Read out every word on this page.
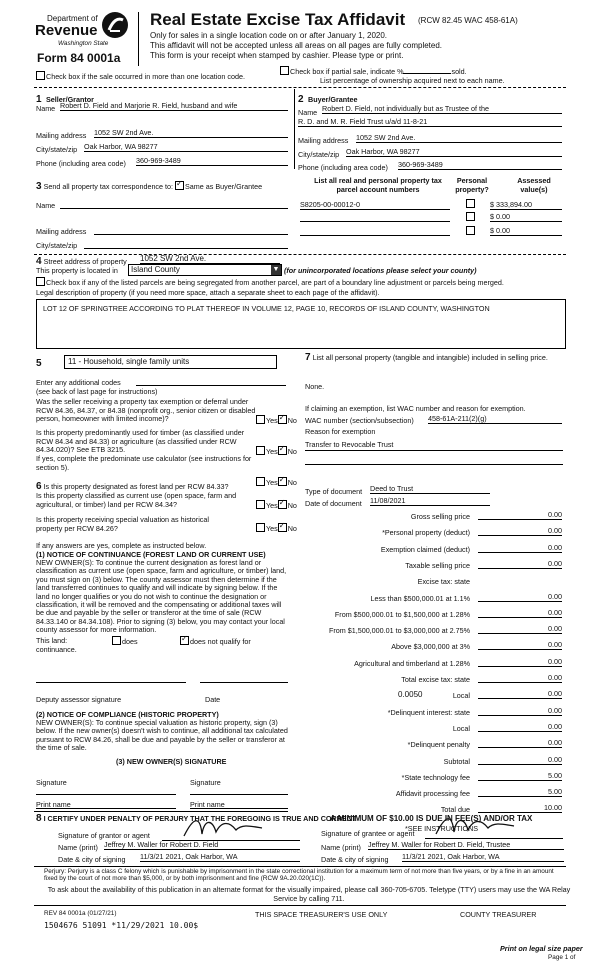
Department of
Revenue
Washington State
Form 84 0001a
Real Estate Excise Tax Affidavit (RCW 82.45 WAC 458-61A)
Only for sales in a single location code on or after January 1, 2020.
This affidavit will not be accepted unless all areas on all pages are fully completed.
This form is your receipt when stamped by cashier. Please type or print.
Check box if the sale occurred in more than one location code.
Check box if partial sale, indicate %	sold.
List percentage of ownership acquired next to each name.
1 Seller/Grantor
Name Robert D. Field and Marjorie R. Field, husband and wife
Mailing address 1052 SW 2nd Ave.
City/state/zip Oak Harbor, WA 98277
Phone (including area code) 360-969-3489
2 Buyer/Grantee
Name Robert D. Field, not individually but as Trustee of the
R. D. and M. R. Field Trust u/a/d 11-8-21
Mailing address 1052 SW 2nd Ave.
City/state/zip Oak Harbor, WA 98277
Phone (including area code) 360-969-3489
3 Send all property tax correspondence to: ✓ Same as Buyer/Grantee
Name
Mailing address
City/state/zip
List all real and personal property tax
parcel account numbers
Personal
property?
Assessed
value(s)
S8205-00-00012-0	$ 333,894.00
$ 0.00
$ 0.00
4 Street address of property 1052 SW 2nd Ave.
This property is located in	Island County	▼ (for unincorporated locations please select your county)
Check box if any of the listed parcels are being segregated from another parcel, are part of a boundary line adjustment or parcels being merged.
Legal description of property (if you need more space, attach a separate sheet to each page of the affidavit).
LOT 12 OF SPRINGTREE ACCORDING TO PLAT THEREOF IN VOLUME 12, PAGE 10, RECORDS OF ISLAND COUNTY, WASHINGTON
5	11 - Household, single family units
Enter any additional codes
(see back of last page for instructions)
Was the seller receiving a property tax exemption or deferral under RCW 84.36, 84.37, or 84.38 (nonprofit org., senior citizen or disabled person, homeowner with limited income)?	Yes ✓ No
Is this property predominantly used for timber (as classified under RCW 84.34 and 84.33) or agriculture (as classified under RCW 84.34.020)? See ETB 3215.	Yes ✓ No
If yes, complete the predominate use calculator (see instructions for section 5).
6 Is this property designated as forest land per RCW 84.33?	Yes ✓ No
Is this property classified as current use (open space, farm and agricultural, or timber) land per RCW 84.34?	Yes ✓ No
Is this property receiving special valuation as historical property per RCW 84.26?	Yes ✓ No
If any answers are yes, complete as instructed below.
(1) NOTICE OF CONTINUANCE (FOREST LAND OR CURRENT USE)
NEW OWNER(S): To continue the current designation as forest land or classification as current use (open space, farm and agriculture, or timber) land, you must sign on (3) below. The county assessor must then determine if the land transferred continues to qualify and will indicate by signing below. If the land no longer qualifies or you do not wish to continue the designation or classification, it will be removed and the compensating or additional taxes will be due and payable by the seller or transferor at the time of sale (RCW 84.33.140 or 84.34.108). Prior to signing (3) below, you may contact your local county assessor for more information.
This land:
continuance.
does ✓	does not qualify for
Deputy assessor signature	Date
(2) NOTICE OF COMPLIANCE (HISTORIC PROPERTY)
NEW OWNER(S): To continue special valuation as historic property, sign (3) below. If the new owner(s) doesn't wish to continue, all additional tax calculated pursuant to RCW 84.26, shall be due and payable by the seller or transferor at the time of sale.
(3) NEW OWNER(S) SIGNATURE
Signature	Signature
Print name	Print name
7 List all personal property (tangible and intangible) included in selling price.
None.
If claiming an exemption, list WAC number and reason for exemption.
WAC number (section/subsection) 458-61A-211(2)(g)
Reason for exemption
Transfer to Revocable Trust
Type of document Deed to Trust
Date of document 11/08/2021
Gross selling price	0.00
*Personal property (deduct)	0.00
Exemption claimed (deduct)	0.00
Taxable selling price	0.00
Excise tax: state
Less than $500,000.01 at 1.1%	0.00
From $500,000.01 to $1,500,000 at 1.28%	0.00
From $1,500,000.01 to $3,000,000 at 2.75%	0.00
Above $3,000,000 at 3%	0.00
Agricultural and timberland at 1.28%	0.00
Total excise tax: state	0.00
Local
0.0050	0.00
*Delinquent interest: state	0.00
Local	0.00
*Delinquent penalty	0.00
Subtotal	0.00
*State technology fee	5.00
Affidavit processing fee	5.00
Total due	10.00
A MINIMUM OF $10.00 IS DUE IN FEE(S) AND/OR TAX
*SEE INSTRUCTIONS
8 I CERTIFY UNDER PENALTY OF PERJURY THAT THE FOREGOING IS TRUE AND CORRECT
Signature of grantor or agent
Name (print) Jeffrey M. Waller for Robert D. Field
Date & city of signing 11/3/21 2021, Oak Harbor, WA
Signature of grantee or agent
Name (print) Jeffrey M. Waller for Robert D. Field, Trustee
Date & city of signing 11/3/21 2021, Oak Harbor, WA
Perjury: Perjury is a class C felony which is punishable by imprisonment in the state correctional institution for a maximum term of not more than five years, or by a fine in an amount fixed by the court of not more than $5,000, or by both imprisonment and fine (RCW 9A.20.020(1C)).
To ask about the availability of this publication in an alternate format for the visually impaired, please call 360-705-6705. Teletype (TTY) users may use the WA Relay Service by calling 711.
REV 84 0001a (01/27/21)	THIS SPACE TREASURER'S USE ONLY	COUNTY TREASURER
1504676 51091 *11/29/2021 10.00$
Print on legal size paper
Page 1 of
